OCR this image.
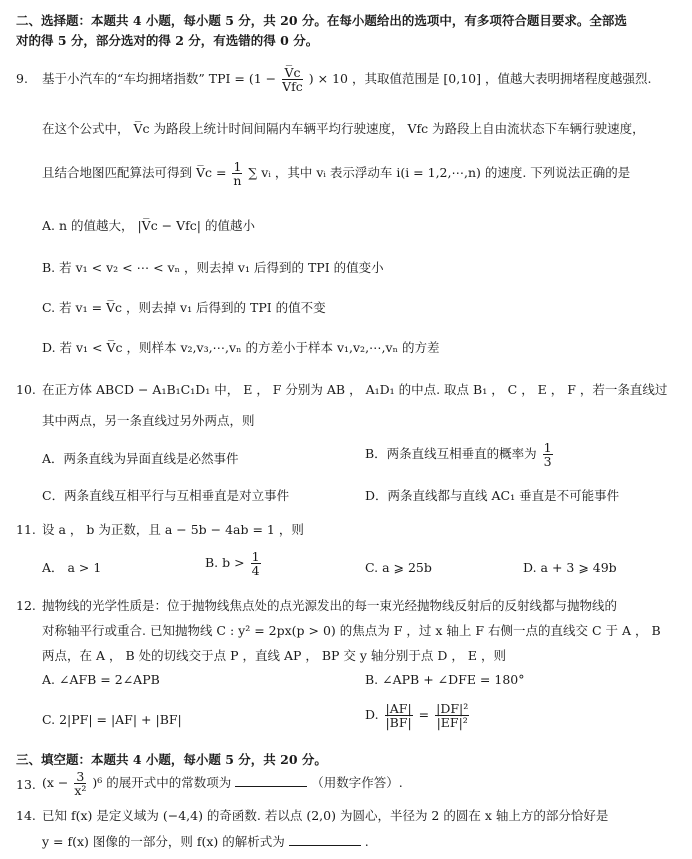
二、选择题：本题共 4 小题，每小题 5 分，共 20 分。在每小题给出的选项中，有多项符合题目要求。全部选
对的得 5 分，部分选对的得 2 分，有选错的得 0 分。
9. 基于小汽车的“车均拥堵指数” TPI = (1 − V̅c
Vfc
) × 10 ，其取值范围是 [0,10] ，值越大表明拥堵程度越强烈.
在这个公式中， V̅c 为路段上统计时间间隔内车辆平均行驶速度， Vfc 为路段上自由流状态下车辆行驶速度，
且结合地图匹配算法可得到 V̅c = $\frac{1}{n}$ ∑ vᵢ ，其中 vᵢ 表示浮动车 i(i = 1,2,⋯,n) 的速度. 下列说法正确的是
A. n 的值越大， |V̅c − Vfc| 的值越小
B. 若 v₁ < v₂ < ⋯ < vₙ ，则去掉 v₁ 后得到的 TPI 的值变小
C. 若 v₁ = V̅c ，则去掉 v₁ 后得到的 TPI 的值不变
D. 若 v₁ < V̅c ，则样本 v₂,v₃,⋯,vₙ 的方差小于样本 v₁,v₂,⋯,vₙ 的方差
10. 在正方体 ABCD − A₁B₁C₁D₁ 中， E ， F 分别为 AB ， A₁D₁ 的中点. 取点 B₁ ， C ， E ， F ，若一条直线过
其中两点，另一条直线过另外两点，则
A．两条直线为异面直线是必然事件	B．两条直线互相垂直的概率为 $\frac{1}{3}$
C．两条直线互相平行与互相垂直是对立事件	D．两条直线都与直线 AC₁ 垂直是不可能事件
11. 设 a ， b 为正数，且 a − 5b − 4ab = 1 ，则
A． a > 1	B. $b > \frac{1}{4}$	C. a ⩾ 25b	D. a + 3 ⩾ 49b
12. 抛物线的光学性质是：位于抛物线焦点处的点光源发出的每一束光经抛物线反射后的反射线都与抛物线的
对称轴平行或重合. 已知抛物线 C : y² = 2px(p > 0) 的焦点为 F ，过 x 轴上 F 右侧一点的直线交 C 于 A ， B
两点，在 A ， B 处的切线交于点 P ，直线 AP ， BP 交 y 轴分别于点 D ， E ，则
A. ∠AFB = 2∠APB	B. ∠APB + ∠DFE = 180°
C. 2|PF| = |AF| + |BF|	D. $\frac{|AF|}{|BF|} = \frac{\text{|DF|²}}{\text{|EF|²}}$
三、填空题：本题共 4 小题，每小题 5 分，共 20 分。
13. $(x - \frac{3}{\text{x²}} )^6$ 的展开式中的常数项为	（用数字作答）.
14. 已知 f(x) 是定义域为 (−4,4) 的奇函数. 若以点 (2,0) 为圆心，半径为 2 的圆在 x 轴上方的部分恰好是
y = f(x) 图像的一部分，则 f(x) 的解析式为	.
